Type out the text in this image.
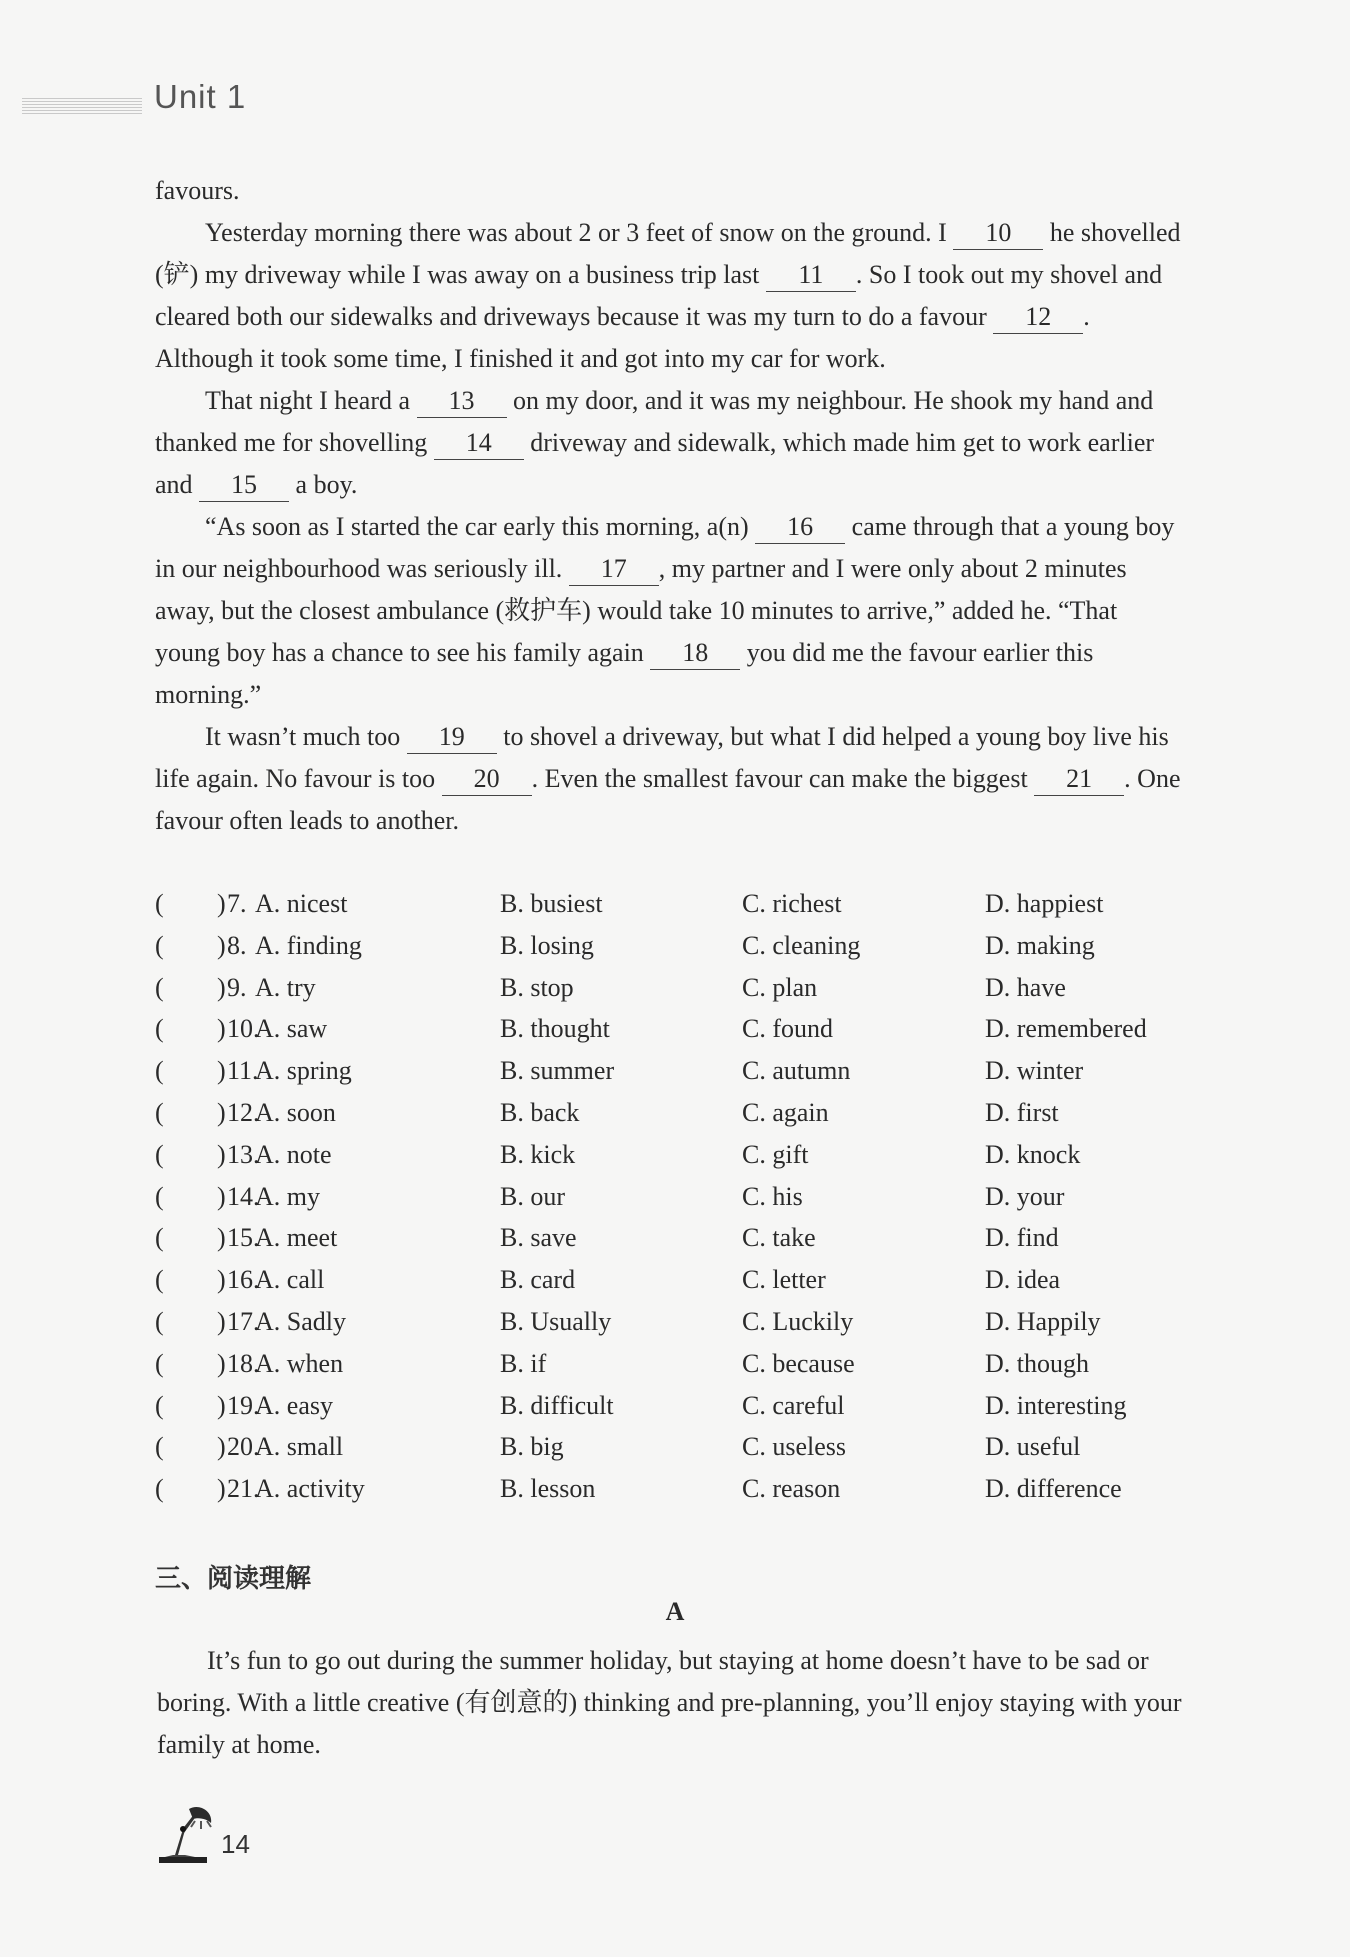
Unit 1

favours.

Yesterday morning there was about 2 or 3 feet of snow on the ground. I 10 he shovelled (铲) my driveway while I was away on a business trip last 11 . So I took out my shovel and cleared both our sidewalks and driveways because it was my turn to do a favour 12 . Although it took some time, I finished it and got into my car for work.

That night I heard a 13 on my door, and it was my neighbour. He shook my hand and thanked me for shovelling 14 driveway and sidewalk, which made him get to work earlier and 15 a boy.

“As soon as I started the car early this morning, a(n) 16 came through that a young boy in our neighbourhood was seriously ill. 17 , my partner and I were only about 2 minutes away, but the closest ambulance (救护车) would take 10 minutes to arrive,” added he. “That young boy has a chance to see his family again 18 you did me the favour earlier this morning.”

It wasn’t much too 19 to shovel a driveway, but what I did helped a young boy live his life again. No favour is too 20 . Even the smallest favour can make the biggest 21 . One favour often leads to another.

( ) 7. A. nicest	B. busiest	C. richest	D. happiest
( ) 8. A. finding	B. losing	C. cleaning	D. making
( ) 9. A. try	B. stop	C. plan	D. have
( ) 10.
A. saw	B. thought	C. found	D. remembered
( ) 11.
A. spring	B. summer	C. autumn	D. winter
( ) 12.
A. soon	B. back	C. again	D. first
( ) 13.
A. note	B. kick	C. gift	D. knock
( ) 14.
A. my	B. our	C. his	D. your
( ) 15.
A. meet	B. save	C. take	D. find
( ) 16.
A. call	B. card	C. letter	D. idea
( ) 17.
A. Sadly	B. Usually	C. Luckily	D. Happily
( ) 18.
A. when	B. if	C. because	D. though
( ) 19.
A. easy	B. difficult	C. careful	D. interesting
( ) 20.
A. small	B. big	C. useless	D. useful
( ) 21.
A. activity	B. lesson	C. reason	D. difference
三、阅读理解
A

It’s fun to go out during the summer holiday, but staying at home doesn’t have to be sad or boring. With a little creative (有创意的) thinking and pre-planning, you’ll enjoy staying with your family at home.

14
